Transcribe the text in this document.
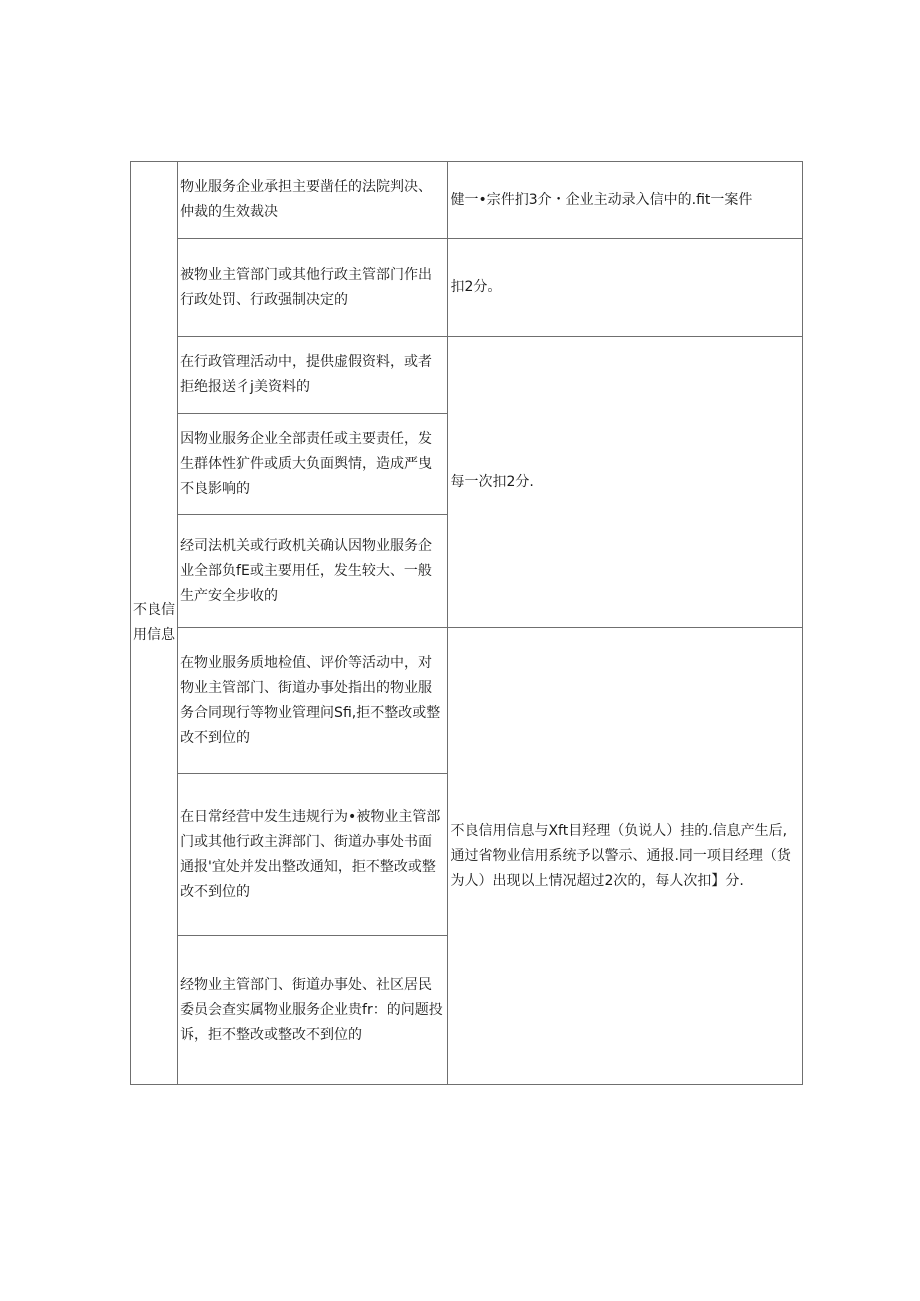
不良信用信息	物业服务企业承担主要凿任的法院判决、仲裁的生效裁决	健一•宗件扪3介・企业主动录入信中的.fit一案件
	被物业主管部门或其他行政主管部门作出行政处罚、行政强制决定的	扣2分。
	在行政管理活动中，提供虚假资料，或者拒绝报送彳j美资料的	每一次扣2分.
	因物业服务企业全部责任或主要责任，发生群体性犷件或质大负面舆情，造成严曳不良影响的	
	经司法机关或行政机关确认因物业服务企业全部负fE或主要用任，发生较大、一般生产安全步收的	
	在物业服务质地检值、评价等活动中，对物业主管部门、街道办事处指出的物业服务合同现行等物业管理问Sfi,拒不整改或整改不到位的	不良信用信息与Xft目羟理（负说人）挂的.信息产生后,通过省物业信用系统予以警示、通报.同一项目经理（货为人）出现以上情况超过2次的，每人次扣】分.
	在日常经营中发生违规行为•被物业主管部门或其他行政主湃部门、街道办事处书面通报'宜处并发出整改通知，拒不整改或整改不到位的	
	经物业主管部门、街道办事处、社区居民委员会查实属物业服务企业贵fr：的问题投诉，拒不整改或整改不到位的	
